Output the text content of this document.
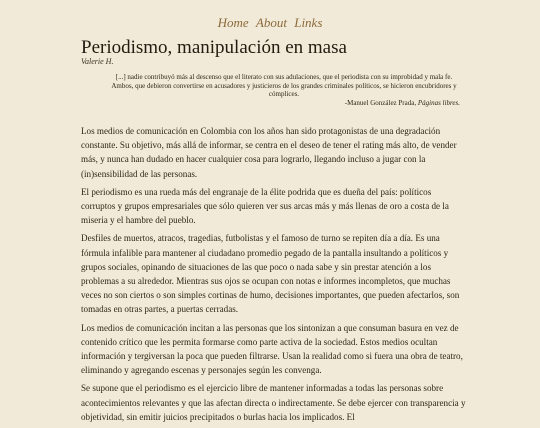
Home About Links
Periodismo, manipulación en masa
Valerie H.
[...] nadie contribuyó más al descenso que el literato con sus adulaciones, que el periodista con su improbidad y mala fe. Ambos, que debieron convertirse en acusadores y justicieros de los grandes criminales políticos, se hicieron encubridores y cómplices.
-Manuel González Prada, Páginas libres.

Los medios de comunicación en Colombia con los años han sido protagonistas de una degradación constante. Su objetivo, más allá de informar, se centra en el deseo de tener el rating más alto, de vender más, y nunca han dudado en hacer cualquier cosa para lograrlo, llegando incluso a jugar con la (in)sensibilidad de las personas.

El periodismo es una rueda más del engranaje de la élite podrida que es dueña del país: políticos corruptos y grupos empresariales que sólo quieren ver sus arcas más y más llenas de oro a costa de la miseria y el hambre del pueblo.

Desfiles de muertos, atracos, tragedias, futbolistas y el famoso de turno se repiten día a día. Es una fórmula infalible para mantener al ciudadano promedio pegado de la pantalla insultando a políticos y grupos sociales, opinando de situaciones de las que poco o nada sabe y sin prestar atención a los problemas a su alrededor. Mientras sus ojos se ocupan con notas e informes incompletos, que muchas veces no son ciertos o son simples cortinas de humo, decisiones importantes, que pueden afectarlos, son tomadas en otras partes, a puertas cerradas.

Los medios de comunicación incitan a las personas que los sintonizan a que consuman basura en vez de contenido crítico que les permita formarse como parte activa de la sociedad. Estos medios ocultan información y tergiversan la poca que pueden filtrarse. Usan la realidad como si fuera una obra de teatro, eliminando y agregando escenas y personajes según les convenga.

Se supone que el periodismo es el ejercicio libre de mantener informadas a todas las personas sobre acontecimientos relevantes y que las afectan directa o indirectamente. Se debe ejercer con transparencia y objetividad, sin emitir juicios precipitados o burlas hacia los implicados. El
